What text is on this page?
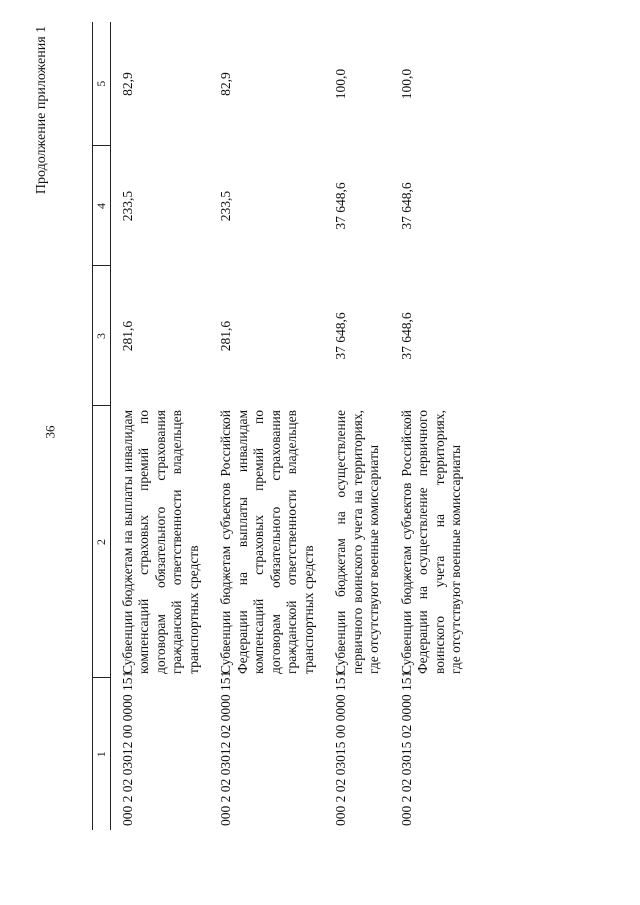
36
Продолжение приложения 1
1	2	3	4	5
000 2 02 03012 00 0000 151	Субвенции бюджетам на выплаты инвалидам компенсаций страховых премий по договорам обязательного страхования гражданской ответственности владельцев транспортных средств	281,6	233,5	82,9
000 2 02 03012 02 0000 151	Субвенции бюджетам субъектов Российской Федерации на выплаты инвалидам компенсаций страховых премий по договорам обязательного страхования гражданской ответственности владельцев транспортных средств	281,6	233,5	82,9
000 2 02 03015 00 0000 151	Субвенции бюджетам на осуществление первичного воинского учета на территориях, где отсутствуют военные комиссариаты	37 648,6	37 648,6	100,0
000 2 02 03015 02 0000 151	Субвенции бюджетам субъектов Российской Федерации на осуществление первичного воинского учета на территориях, где отсутствуют военные комиссариаты	37 648,6	37 648,6	100,0
